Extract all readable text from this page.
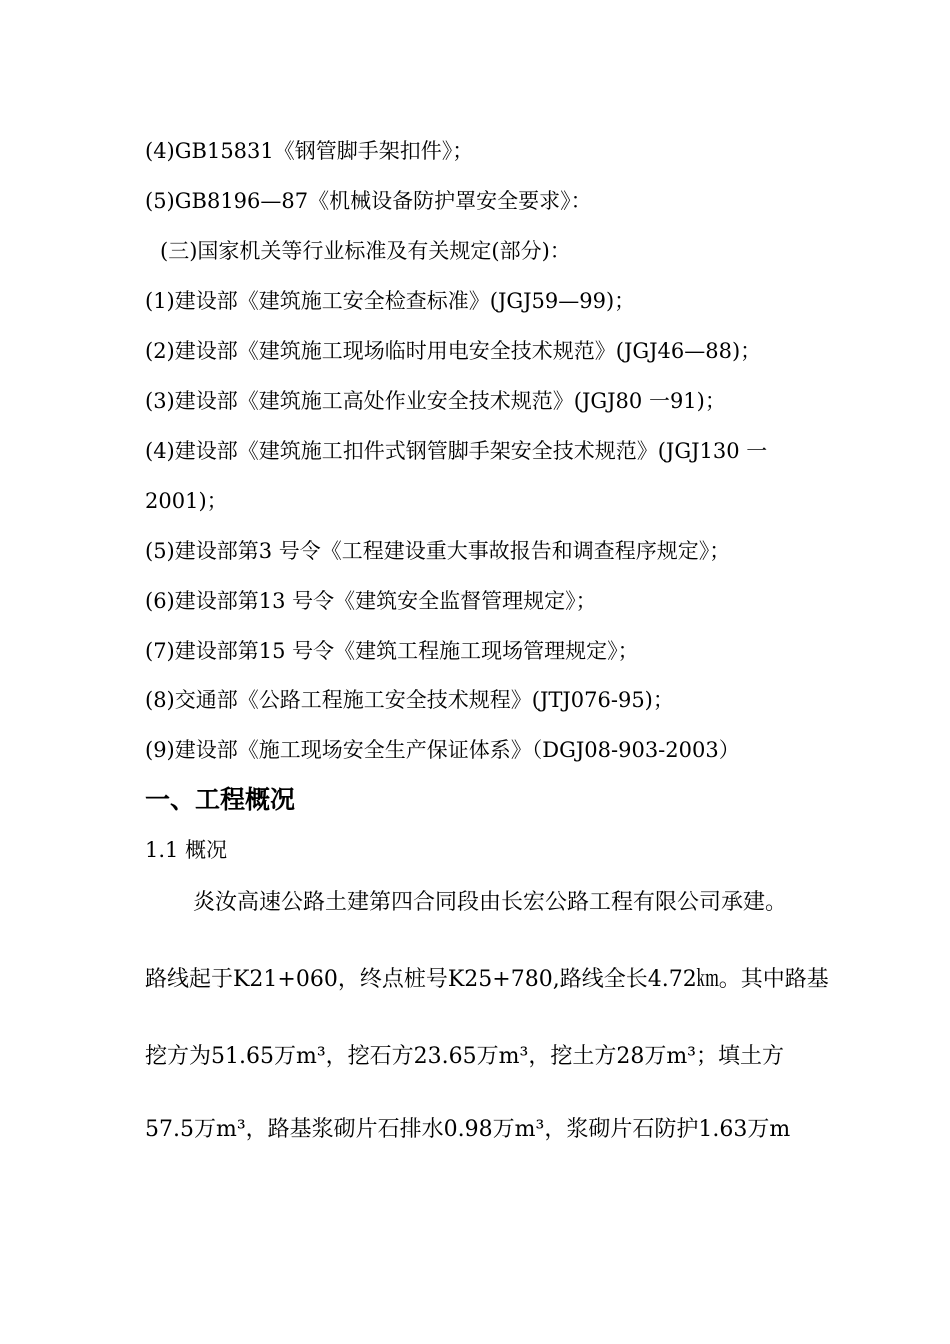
(4)GB15831《钢管脚手架扣件》；

(5)GB8196—87《机械设备防护罩安全要求》：

(三)国家机关等行业标准及有关规定(部分)：

(1)建设部《建筑施工安全检查标准》(JGJ59—99)；

(2)建设部《建筑施工现场临时用电安全技术规范》(JGJ46—88)；

(3)建设部《建筑施工高处作业安全技术规范》(JGJ80 一91)；

(4)建设部《建筑施工扣件式钢管脚手架安全技术规范》(JGJ130 一

2001)；

(5)建设部第3 号令《工程建设重大事故报告和调查程序规定》；

(6)建设部第13 号令《建筑安全监督管理规定》；

(7)建设部第15 号令《建筑工程施工现场管理规定》；

(8)交通部《公路工程施工安全技术规程》(JTJ076-95)；

(9)建设部《施工现场安全生产保证体系》（DGJ08-903-2003）

一、工程概况

1.1 概况

炎汝高速公路土建第四合同段由长宏公路工程有限公司承建。

路线起于K21+060，终点桩号K25+780,路线全长4.72㎞。其中路基

挖方为51.65万m³，挖石方23.65万m³，挖土方28万m³；填土方

57.5万m³，路基浆砌片石排水0.98万m³，浆砌片石防护1.63万m
